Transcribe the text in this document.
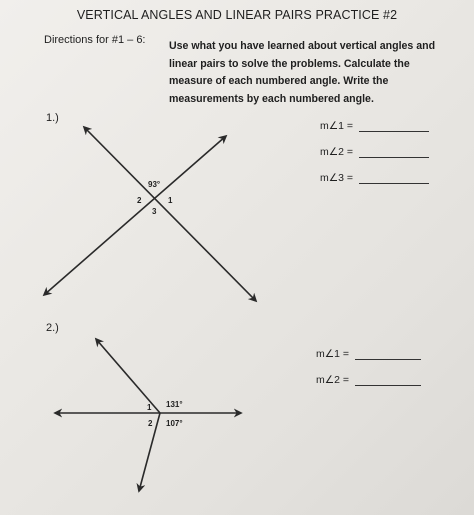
VERTICAL ANGLES AND LINEAR PAIRS PRACTICE #2
Directions for #1 – 6: Use what you have learned about vertical angles and
linear pairs to solve the problems. Calculate the
measure of each numbered angle. Write the
measurements by each numbered angle.
1.)
m∠1 =
m∠2 =
m∠3 =
2.)
m∠1 =
m∠2 =
93°
1
2
3
131°
107°
1
2
